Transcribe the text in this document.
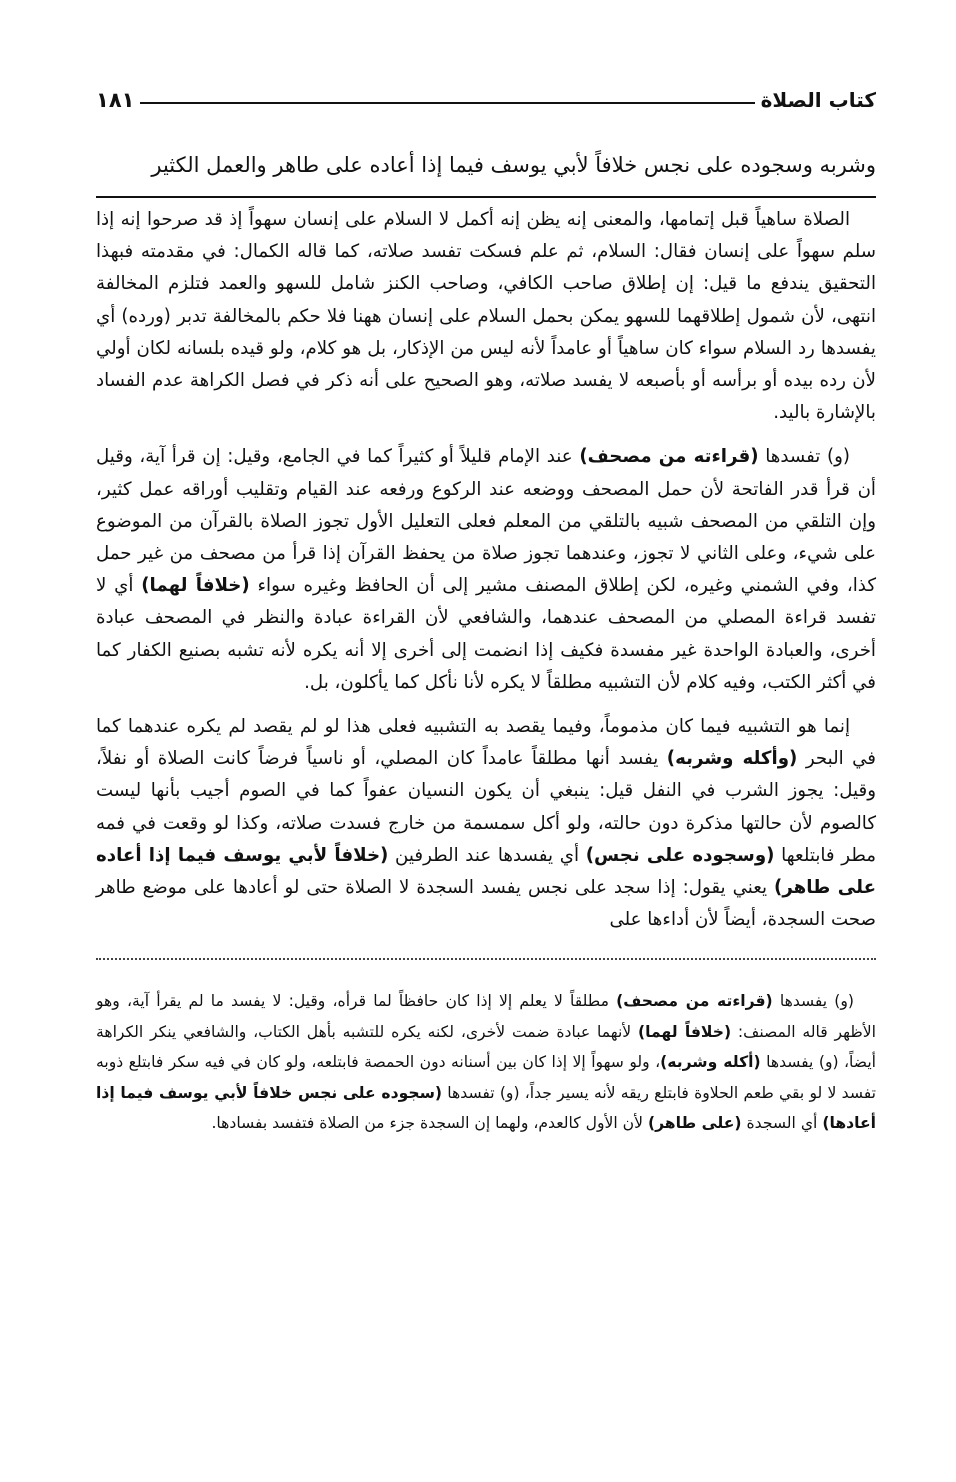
كتاب الصلاة
١٨١
وشربه وسجوده على نجس خلافاً لأبي يوسف فيما إذا أعاده على طاهر والعمل الكثير

الصلاة ساهياً قبل إتمامها، والمعنى إنه يظن إنه أكمل لا السلام على إنسان سهواً إذ قد صرحوا إنه إذا سلم سهواً على إنسان فقال: السلام، ثم علم فسكت تفسد صلاته، كما قاله الكمال: في مقدمته فبهذا التحقيق يندفع ما قيل: إن إطلاق صاحب الكافي، وصاحب الكنز شامل للسهو والعمد فتلزم المخالفة انتهى، لأن شمول إطلاقهما للسهو يمكن بحمل السلام على إنسان ههنا فلا حكم بالمخالفة تدبر (ورده) أي يفسدها رد السلام سواء كان ساهياً أو عامداً لأنه ليس من الإذكار، بل هو كلام، ولو قيده بلسانه لكان أولي لأن رده بيده أو برأسه أو بأصبعه لا يفسد صلاته، وهو الصحيح على أنه ذكر في فصل الكراهة عدم الفساد بالإشارة باليد.

(و) تفسدها (قراءته من مصحف) عند الإمام قليلاً أو كثيراً كما في الجامع، وقيل: إن قرأ آية، وقيل أن قرأ قدر الفاتحة لأن حمل المصحف ووضعه عند الركوع ورفعه عند القيام وتقليب أوراقه عمل كثير، وإن التلقي من المصحف شبيه بالتلقي من المعلم فعلى التعليل الأول تجوز الصلاة بالقرآن من الموضوع على شيء، وعلى الثاني لا تجوز، وعندهما تجوز صلاة من يحفظ القرآن إذا قرأ من مصحف من غير حمل كذا، وفي الشمني وغيره، لكن إطلاق المصنف مشير إلى أن الحافظ وغيره سواء (خلافاً لهما) أي لا تفسد قراءة المصلي من المصحف عندهما، والشافعي لأن القراءة عبادة والنظر في المصحف عبادة أخرى، والعبادة الواحدة غير مفسدة فكيف إذا انضمت إلى أخرى إلا أنه يكره لأنه تشبه بصنيع الكفار كما في أكثر الكتب، وفيه كلام لأن التشبيه مطلقاً لا يكره لأنا نأكل كما يأكلون، بل.

إنما هو التشبيه فيما كان مذموماً، وفيما يقصد به التشبيه فعلى هذا لو لم يقصد لم يكره عندهما كما في البحر (وأكله وشربه) يفسد أنها مطلقاً عامداً كان المصلي، أو ناسياً فرضاً كانت الصلاة أو نفلاً، وقيل: يجوز الشرب في النفل قيل: ينبغي أن يكون النسيان عفواً كما في الصوم أجيب بأنها ليست كالصوم لأن حالتها مذكرة دون حالته، ولو أكل سمسمة من خارج فسدت صلاته، وكذا لو وقعت في فمه مطر فابتلعها (وسجوده على نجس) أي يفسدها عند الطرفين (خلافاً لأبي يوسف فيما إذا أعاده على طاهر) يعني يقول: إذا سجد على نجس يفسد السجدة لا الصلاة حتى لو أعادها على موضع طاهر صحت السجدة، أيضاً لأن أداءها على

(و) يفسدها (قراءته من مصحف) مطلقاً لا يعلم إلا إذا كان حافظاً لما قرأه، وقيل: لا يفسد ما لم يقرأ آية، وهو الأظهر قاله المصنف: (خلافاً لهما) لأنهما عبادة ضمت لأخرى، لكنه يكره للتشبه بأهل الكتاب، والشافعي ينكر الكراهة أيضاً، (و) يفسدها (أكله وشربه)، ولو سهواً إلا إذا كان بين أسنانه دون الحمصة فابتلعه، ولو كان في فيه سكر فابتلع ذوبه تفسد لا لو بقي طعم الحلاوة فابتلع ريقه لأنه يسير جداً، (و) تفسدها (سجوده على نجس خلافاً لأبي يوسف فيما إذا أعادها) أي السجدة (على طاهر) لأن الأول كالعدم، ولهما إن السجدة جزء من الصلاة فتفسد بفسادها.
